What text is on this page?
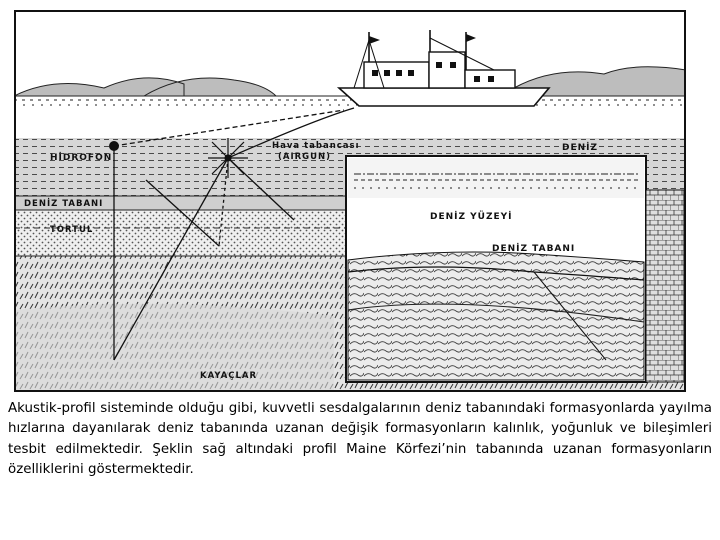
HİDROFON
Hava tabancası
(AIRGUN)
DENİZ
DENİZ TABANI
TORTUL
KAYAÇLAR
DENİZ YÜZEYİ
DENİZ TABANI

Akustik-profil sisteminde olduğu gibi, kuvvetli sesdalgalarının deniz tabanındaki formasyonlarda yayılma hızlarına dayanılarak deniz tabanında uzanan değişik formasyonların kalınlık, yoğunluk ve bileşimleri tesbit edilmektedir. Şeklin sağ altındaki profil Maine Körfezi’nin tabanında uzanan formasyonların özelliklerini göstermektedir.
